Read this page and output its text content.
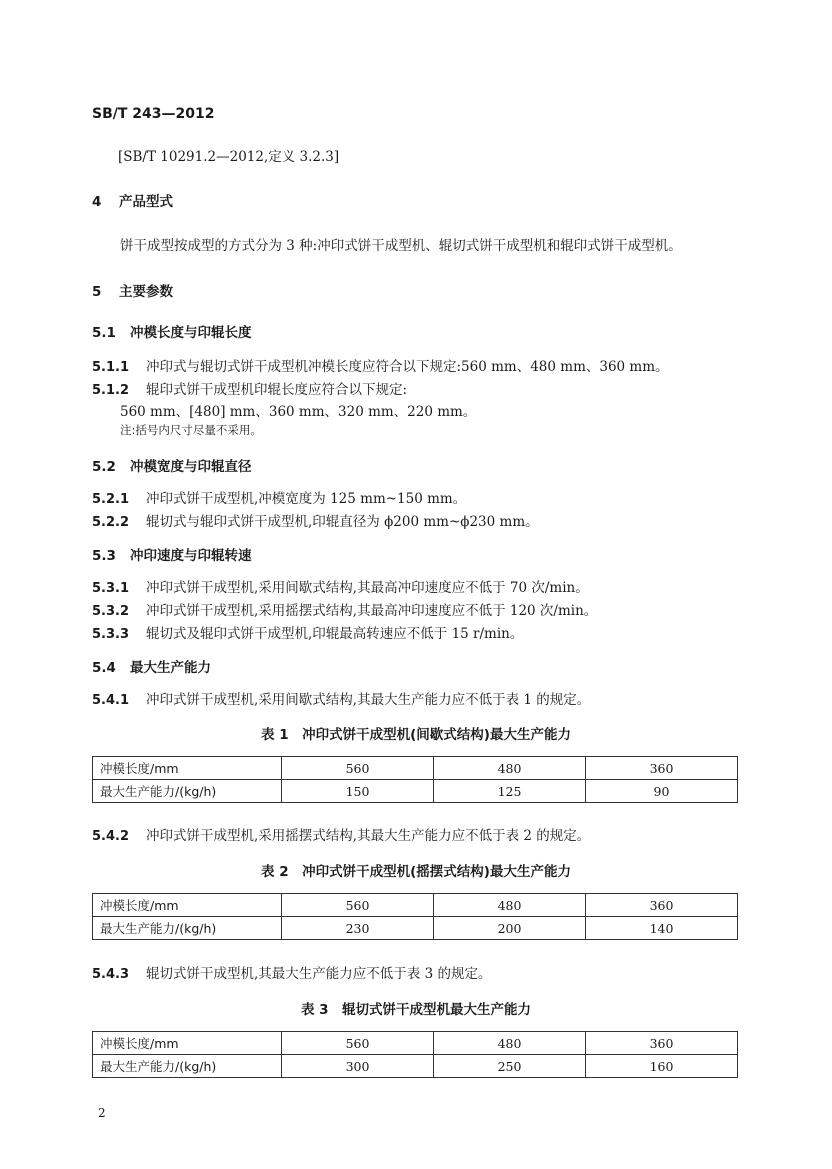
SB/T 243—2012
[SB/T 10291.2—2012,定义 3.2.3]
4 产品型式
饼干成型按成型的方式分为 3 种:冲印式饼干成型机、辊切式饼干成型机和辊印式饼干成型机。
5 主要参数
5.1 冲模长度与印辊长度
5.1.1 冲印式与辊切式饼干成型机冲模长度应符合以下规定:560 mm、480 mm、360 mm。
5.1.2 辊印式饼干成型机印辊长度应符合以下规定:
560 mm、[480] mm、360 mm、320 mm、220 mm。
注:括号内尺寸尽量不采用。
5.2 冲模宽度与印辊直径
5.2.1 冲印式饼干成型机,冲模宽度为 125 mm~150 mm。
5.2.2 辊切式与辊印式饼干成型机,印辊直径为 ϕ200 mm~ϕ230 mm。
5.3 冲印速度与印辊转速
5.3.1 冲印式饼干成型机,采用间歇式结构,其最高冲印速度应不低于 70 次/min。
5.3.2 冲印式饼干成型机,采用摇摆式结构,其最高冲印速度应不低于 120 次/min。
5.3.3 辊切式及辊印式饼干成型机,印辊最高转速应不低于 15 r/min。
5.4 最大生产能力
5.4.1 冲印式饼干成型机,采用间歇式结构,其最大生产能力应不低于表 1 的规定。
表 1　冲印式饼干成型机(间歇式结构)最大生产能力
冲模长度/mm	560	480	360
最大生产能力/(kg/h)	150	125	90
5.4.2 冲印式饼干成型机,采用摇摆式结构,其最大生产能力应不低于表 2 的规定。
表 2　冲印式饼干成型机(摇摆式结构)最大生产能力
冲模长度/mm	560	480	360
最大生产能力/(kg/h)	230	200	140
5.4.3 辊切式饼干成型机,其最大生产能力应不低于表 3 的规定。
表 3　辊切式饼干成型机最大生产能力
冲模长度/mm	560	480	360
最大生产能力/(kg/h)	300	250	160
2
